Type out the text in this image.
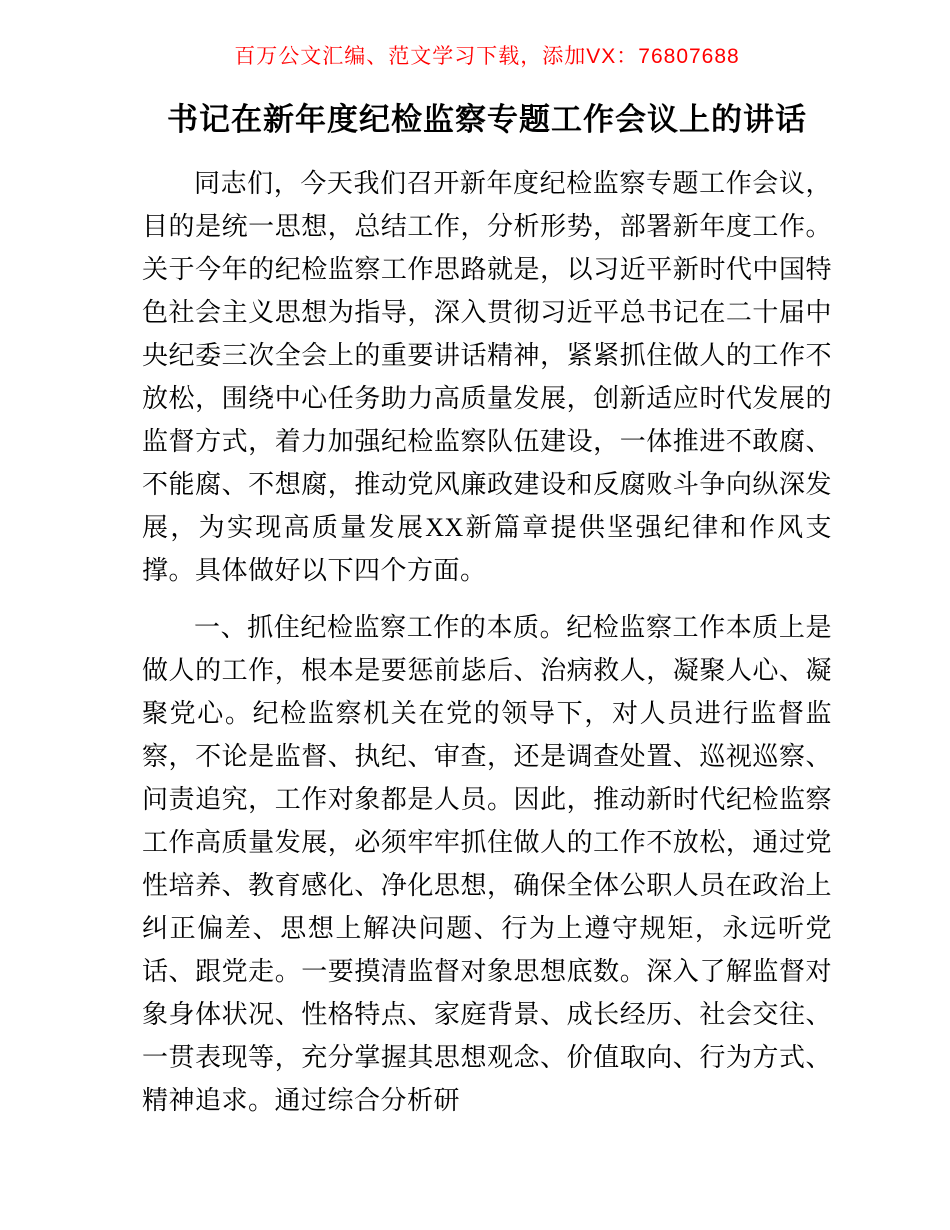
百万公文汇编、范文学习下载，添加VX：76807688

书记在新年度纪检监察专题工作会议上的讲话

同志们，今天我们召开新年度纪检监察专题工作会议，目的是统一思想，总结工作，分析形势，部署新年度工作。关于今年的纪检监察工作思路就是，以习近平新时代中国特色社会主义思想为指导，深入贯彻习近平总书记在二十届中央纪委三次全会上的重要讲话精神，紧紧抓住做人的工作不放松，围绕中心任务助力高质量发展，创新适应时代发展的监督方式，着力加强纪检监察队伍建设，一体推进不敢腐、不能腐、不想腐，推动党风廉政建设和反腐败斗争向纵深发展，为实现高质量发展XX新篇章提供坚强纪律和作风支撑。具体做好以下四个方面。

一、抓住纪检监察工作的本质。纪检监察工作本质上是做人的工作，根本是要惩前毖后、治病救人，凝聚人心、凝聚党心。纪检监察机关在党的领导下，对人员进行监督监察，不论是监督、执纪、审查，还是调查处置、巡视巡察、问责追究，工作对象都是人员。因此，推动新时代纪检监察工作高质量发展，必须牢牢抓住做人的工作不放松，通过党性培养、教育感化、净化思想，确保全体公职人员在政治上纠正偏差、思想上解决问题、行为上遵守规矩，永远听党话、跟党走。一要摸清监督对象思想底数。深入了解监督对象身体状况、性格特点、家庭背景、成长经历、社会交往、一贯表现等，充分掌握其思想观念、价值取向、行为方式、精神追求。通过综合分析研
